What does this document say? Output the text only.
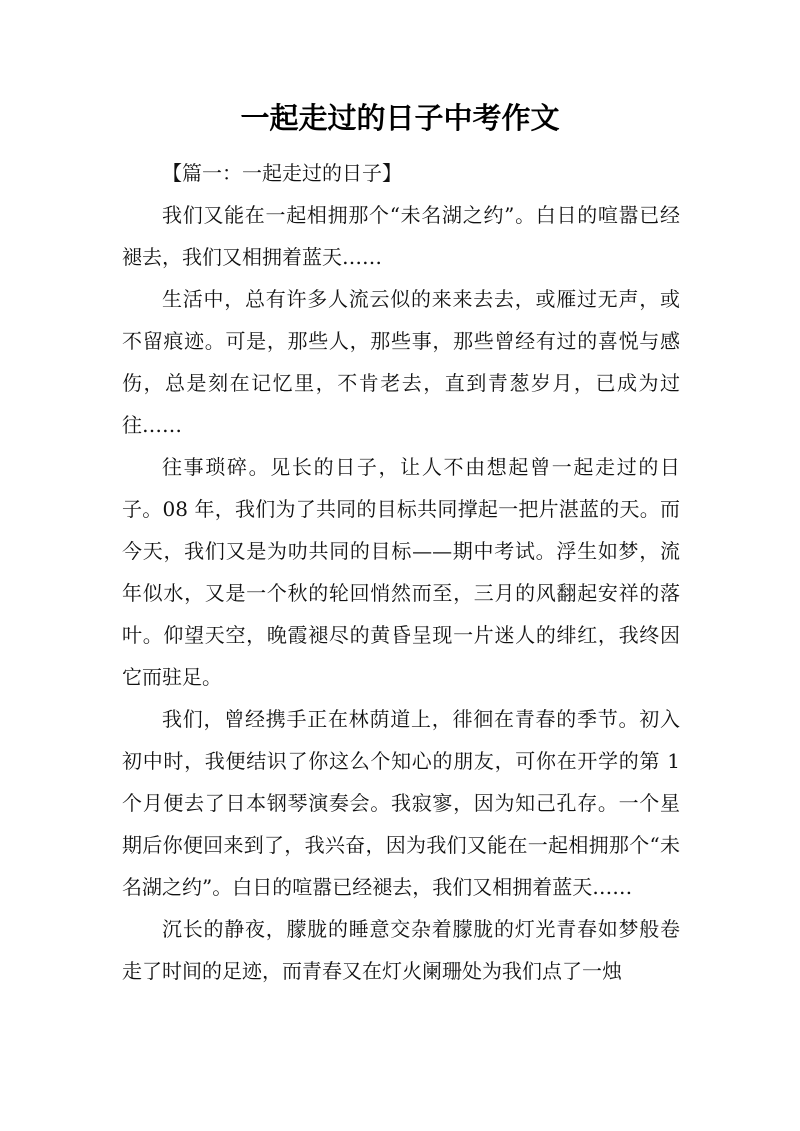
一起走过的日子中考作文

【篇一：一起走过的日子】

我们又能在一起相拥那个“未名湖之约”。白日的喧嚣已经褪去，我们又相拥着蓝天……

生活中，总有许多人流云似的来来去去，或雁过无声，或不留痕迹。可是，那些人，那些事，那些曾经有过的喜悦与感伤，总是刻在记忆里，不肯老去，直到青葱岁月，已成为过往……

往事琐碎。见长的日子，让人不由想起曾一起走过的日子。08 年，我们为了共同的目标共同撑起一把片湛蓝的天。而今天，我们又是为叻共同的目标——期中考试。浮生如梦，流年似水，又是一个秋的轮回悄然而至，三月的风翻起安祥的落叶。仰望天空，晚霞褪尽的黄昏呈现一片迷人的绯红，我终因它而驻足。

我们，曾经携手正在林荫道上，徘徊在青春的季节。初入初中时，我便结识了你这么个知心的朋友，可你在开学的第 1 个月便去了日本钢琴演奏会。我寂寥，因为知己孔存。一个星期后你便回来到了，我兴奋，因为我们又能在一起相拥那个“未名湖之约”。白日的喧嚣已经褪去，我们又相拥着蓝天……

沉长的静夜，朦胧的睡意交杂着朦胧的灯光青春如梦般卷走了时间的足迹，而青春又在灯火阑珊处为我们点了一烛
